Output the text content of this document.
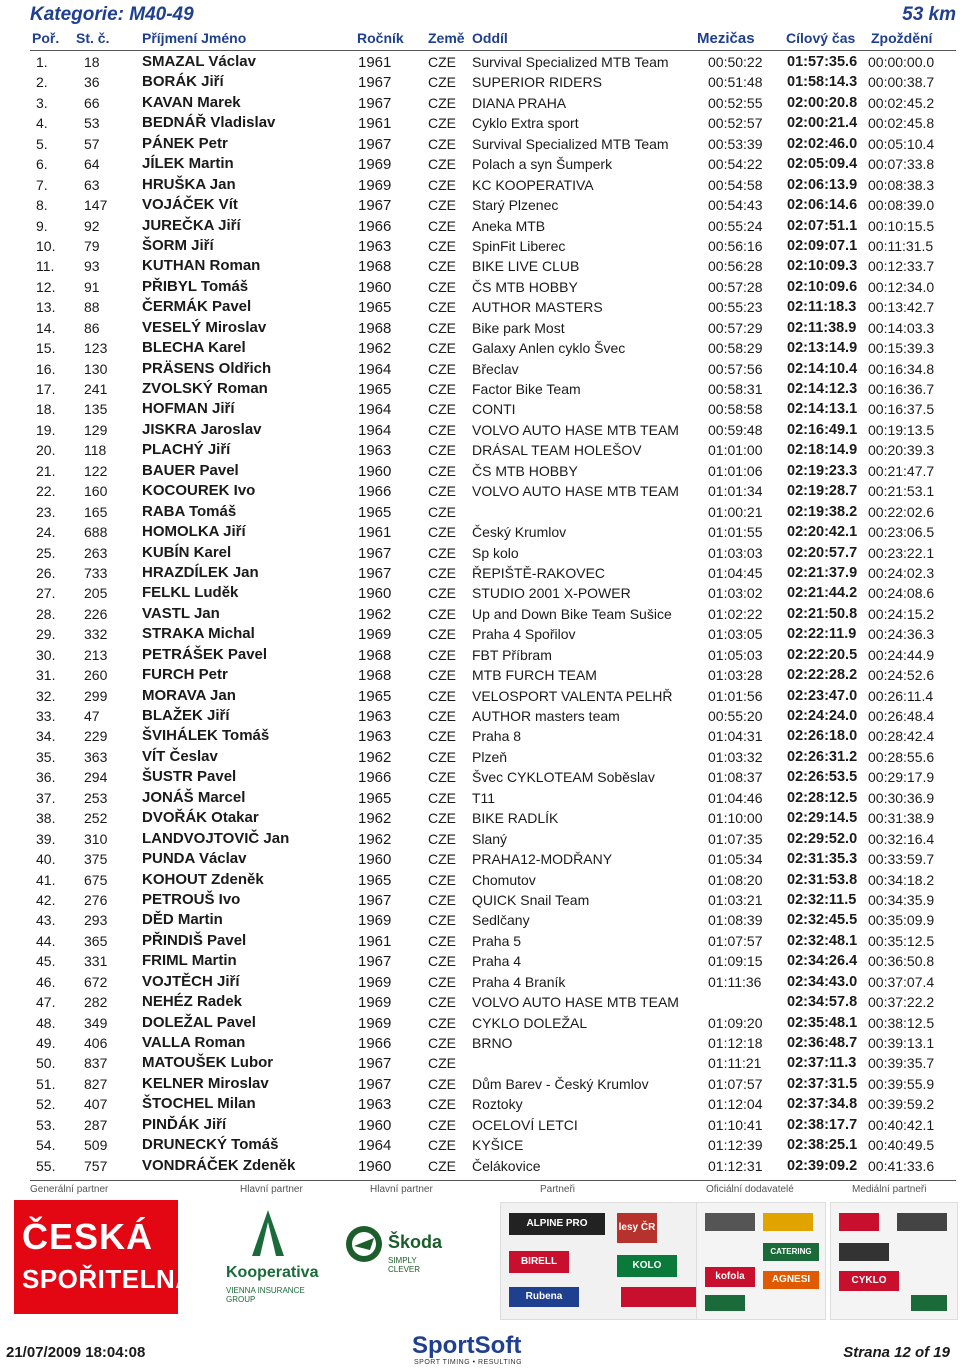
Kategorie: M40-49	53 km
Poř. St. č. Příjmení Jméno	Ročník Země Oddíl	Mezičas Cílový čas Zpoždění
1.	18	SMAZAL Václav	1961	CZE Survival Specialized MTB Team	00:50:22 01:57:35.6 00:00:00.0
2.	36	BORÁK Jiří	1967	CZE SUPERIOR RIDERS	00:51:48 01:58:14.3 00:00:38.7
3.	66	KAVAN Marek	1967	CZE DIANA PRAHA	00:52:55 02:00:20.8 00:02:45.2
4.	53	BEDNÁŘ Vladislav	1961	CZE Cyklo Extra sport	00:52:57 02:00:21.4 00:02:45.8
5.	57	PÁNEK Petr	1967	CZE Survival Specialized MTB Team	00:53:39 02:02:46.0 00:05:10.4
6.	64	JÍLEK Martin	1969	CZE Polach a syn Šumperk	00:54:22 02:05:09.4 00:07:33.8
7.	63	HRUŠKA Jan	1969	CZE KC KOOPERATIVA	00:54:58 02:06:13.9 00:08:38.3
8.	147 VOJÁČEK Vít	1967	CZE Starý Plzenec	00:54:43 02:06:14.6 00:08:39.0
9.	92	JUREČKA Jiří	1966	CZE Aneka MTB	00:55:24 02:07:51.1 00:10:15.5
10. 79	ŠORM Jiří	1963	CZE SpinFit Liberec	00:56:16 02:09:07.1 00:11:31.5
11. 93	KUTHAN Roman	1968	CZE BIKE LIVE CLUB	00:56:28 02:10:09.3 00:12:33.7
12. 91	PŘIBYL Tomáš	1960	CZE ČS MTB HOBBY	00:57:28 02:10:09.6 00:12:34.0
13. 88	ČERMÁK Pavel	1965	CZE AUTHOR MASTERS	00:55:23 02:11:18.3 00:13:42.7
14. 86	VESELÝ Miroslav	1968	CZE Bike park Most	00:57:29 02:11:38.9 00:14:03.3
15. 123 BLECHA Karel	1962	CZE Galaxy Anlen cyklo Švec	00:58:29 02:13:14.9 00:15:39.3
16. 130 PRÄSENS Oldřich	1964	CZE Břeclav	00:57:56 02:14:10.4 00:16:34.8
17. 241 ZVOLSKÝ Roman	1965	CZE Factor Bike Team	00:58:31 02:14:12.3 00:16:36.7
18. 135 HOFMAN Jiří	1964	CZE CONTI	00:58:58 02:14:13.1 00:16:37.5
19. 129 JISKRA Jaroslav	1964	CZE VOLVO AUTO HASE MTB TEAM	00:59:48 02:16:49.1 00:19:13.5
20. 118 PLACHÝ Jiří	1963	CZE DRÁSAL TEAM HOLEŠOV	01:01:00 02:18:14.9 00:20:39.3
21. 122 BAUER Pavel	1960	CZE ČS MTB HOBBY	01:01:06 02:19:23.3 00:21:47.7
22. 160 KOCOUREK Ivo	1966	CZE VOLVO AUTO HASE MTB TEAM	01:01:34 02:19:28.7 00:21:53.1
23. 165 RABA Tomáš	1965	CZE	01:00:21 02:19:38.2 00:22:02.6
24. 688 HOMOLKA Jiří	1961	CZE Český Krumlov	01:01:55 02:20:42.1 00:23:06.5
25. 263 KUBÍN Karel	1967	CZE Sp kolo	01:03:03 02:20:57.7 00:23:22.1
26. 733 HRAZDÍLEK Jan	1967	CZE ŘEPIŠTĚ-RAKOVEC	01:04:45 02:21:37.9 00:24:02.3
27. 205 FELKL Luděk	1960	CZE STUDIO 2001 X-POWER	01:03:02 02:21:44.2 00:24:08.6
28. 226 VASTL Jan	1962	CZE Up and Down Bike Team Sušice	01:02:22 02:21:50.8 00:24:15.2
29. 332 STRAKA Michal	1969	CZE Praha 4 Spořilov	01:03:05 02:22:11.9 00:24:36.3
30. 213 PETRÁŠEK Pavel	1968	CZE FBT Příbram	01:05:03 02:22:20.5 00:24:44.9
31. 260 FURCH Petr	1968	CZE MTB FURCH TEAM	01:03:28 02:22:28.2 00:24:52.6
32. 299 MORAVA Jan	1965	CZE VELOSPORT VALENTA PELHŘ	01:01:56 02:23:47.0 00:26:11.4
33. 47	BLAŽEK Jiří	1963	CZE AUTHOR masters team	00:55:20 02:24:24.0 00:26:48.4
34. 229 ŠVIHÁLEK Tomáš	1963	CZE Praha 8	01:04:31 02:26:18.0 00:28:42.4
35. 363 VÍT Česlav	1962	CZE Plzeň	01:03:32 02:26:31.2 00:28:55.6
36. 294 ŠUSTR Pavel	1966	CZE Švec CYKLOTEAM Soběslav	01:08:37 02:26:53.5 00:29:17.9
37. 253 JONÁŠ Marcel	1965	CZE T11	01:04:46 02:28:12.5 00:30:36.9
38. 252 DVOŘÁK Otakar	1962	CZE BIKE RADLÍK	01:10:00 02:29:14.5 00:31:38.9
39. 310 LANDVOJTOVIČ Jan	1962	CZE Slaný	01:07:35 02:29:52.0 00:32:16.4
40. 375 PUNDA Václav	1960	CZE PRAHA12-MODŘANY	01:05:34 02:31:35.3 00:33:59.7
41. 675 KOHOUT Zdeněk	1965	CZE Chomutov	01:08:20 02:31:53.8 00:34:18.2
42. 276 PETROUŠ Ivo	1967	CZE QUICK Snail Team	01:03:21 02:32:11.5 00:34:35.9
43. 293 DĚD Martin	1969	CZE Sedlčany	01:08:39 02:32:45.5 00:35:09.9
44. 365 PŘINDIŠ Pavel	1961	CZE Praha 5	01:07:57 02:32:48.1 00:35:12.5
45. 331 FRIML Martin	1967	CZE Praha 4	01:09:15 02:34:26.4 00:36:50.8
46. 672 VOJTĚCH Jiří	1969	CZE Praha 4 Braník	01:11:36 02:34:43.0 00:37:07.4
47. 282 NEHÉZ Radek	1969	CZE VOLVO AUTO HASE MTB TEAM	02:34:57.8 00:37:22.2
48. 349 DOLEŽAL Pavel	1969	CZE CYKLO DOLEŽAL	01:09:20 02:35:48.1 00:38:12.5
49. 406 VALLA Roman	1966	CZE BRNO	01:12:18 02:36:48.7 00:39:13.1
50. 837 MATOUŠEK Lubor	1967	CZE	01:11:21 02:37:11.3 00:39:35.7
51. 827 KELNER Miroslav	1967	CZE Dům Barev - Český Krumlov	01:07:57 02:37:31.5 00:39:55.9
52. 407 ŠTOCHEL Milan	1963	CZE Roztoky	01:12:04 02:37:34.8 00:39:59.2
53. 287 PINĎÁK Jiří	1960	CZE OCELOVÍ LETCI	01:10:41 02:38:17.7 00:40:42.1
54. 509 DRUNECKÝ Tomáš	1964	CZE KYŠICE	01:12:39 02:38:25.1 00:40:49.5
55. 757 VONDRÁČEK Zdeněk	1960	CZE Čelákovice	01:12:31 02:39:09.2 00:41:33.6
Generální partner	Hlavní partner	Hlavní partner	Partneři	Oficiální dodavatelé	Mediální partneři
ČESKÁ
SPOŘITELNA Kooperativa
VIENNA INSURANCE GROUP
Škoda
SIMPLY CLEVER
ALPINE PRO
BIRELL
Rubena
lesy ČR
KOLO
CATERING
kofola	AGNESI	CYKLO
21/07/2009 18:04:08	SportSoft
SPORT TIMING • RESULTING
Strana 12 of 19
